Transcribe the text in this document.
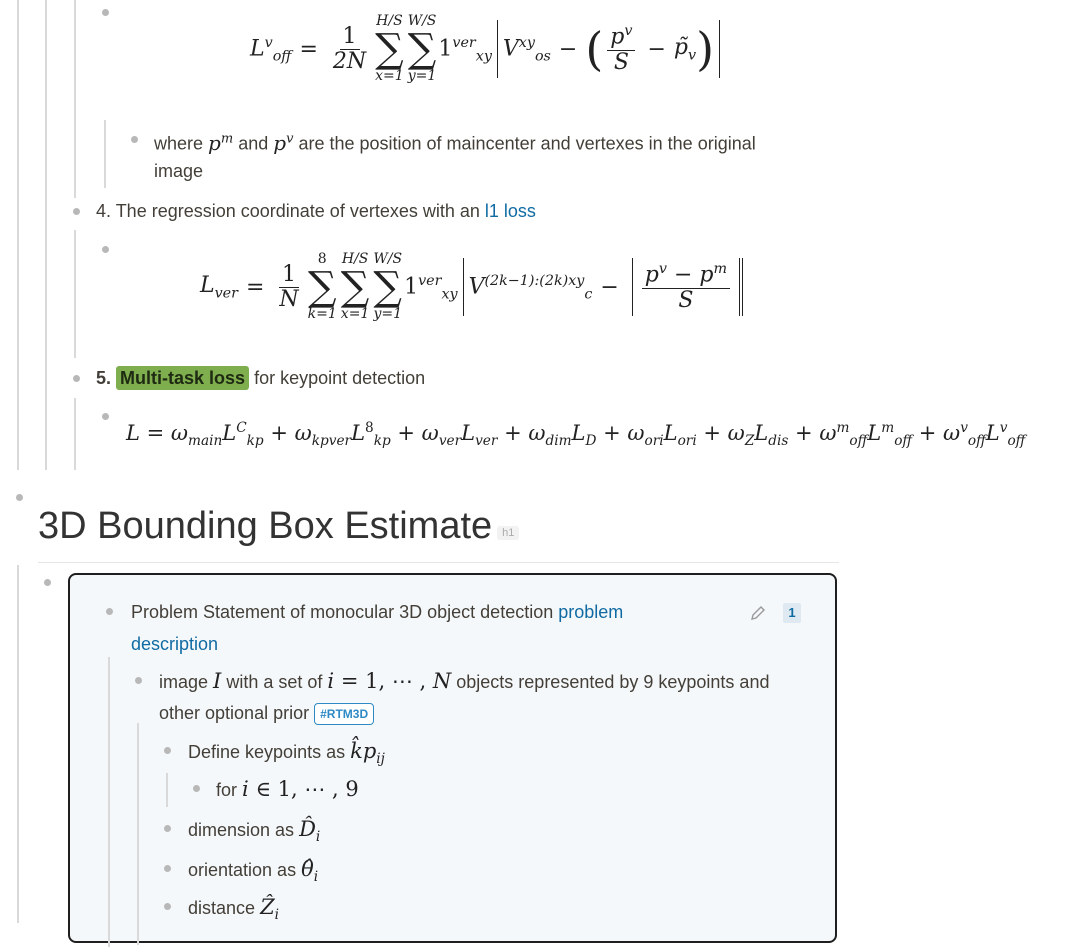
$L^v_{off} = \frac{1}{2N}$
H/S
∑
x=1
W/S
∑
y=1
$1^{ver}_{xy}$ $V^{xy}_{os}$ − ( $\frac{p^v}{S}$ − $p̃_v$ )
where $p^m$ and $p^v$ are the position of maincenter and vertexes in the original
image
4. The regression coordinate of vertexes with an l1 loss
$L_{ver} = \frac{1}{N}$
8
∑
k=1
H/S
∑
x=1
W/S
∑
y=1
$1^{ver}_{xy}$ $V^{(2k-1):(2k)xy}_c - \frac{p^v - p^m}{S}$
5. Multi-task loss for keypoint detection
$L = \omega_{main}L^C_{kp} + \omega_{kpver}L^8_{kp} + \omega_{ver}L_{ver} + \omega_{dim}L_D + \omega_{ori}L_{ori} + \omega_ZL_{dis} + \omega^m_{off}L^m_{off} + \omega^v_{off}L^v_{off}$
3D Bounding Box Estimate h1
Problem Statement of monocular 3D object detection problem
description
1
image I with a set of i = 1, ⋯ , N objects represented by 9 keypoints and
other optional prior #RTM3D
Define keypoints as $k̂p_{ij}$
for i ∈ 1, ⋯ , 9
dimension as $D̂_i$
orientation as $\thetâ_i$
distance Ẑ$_i$
